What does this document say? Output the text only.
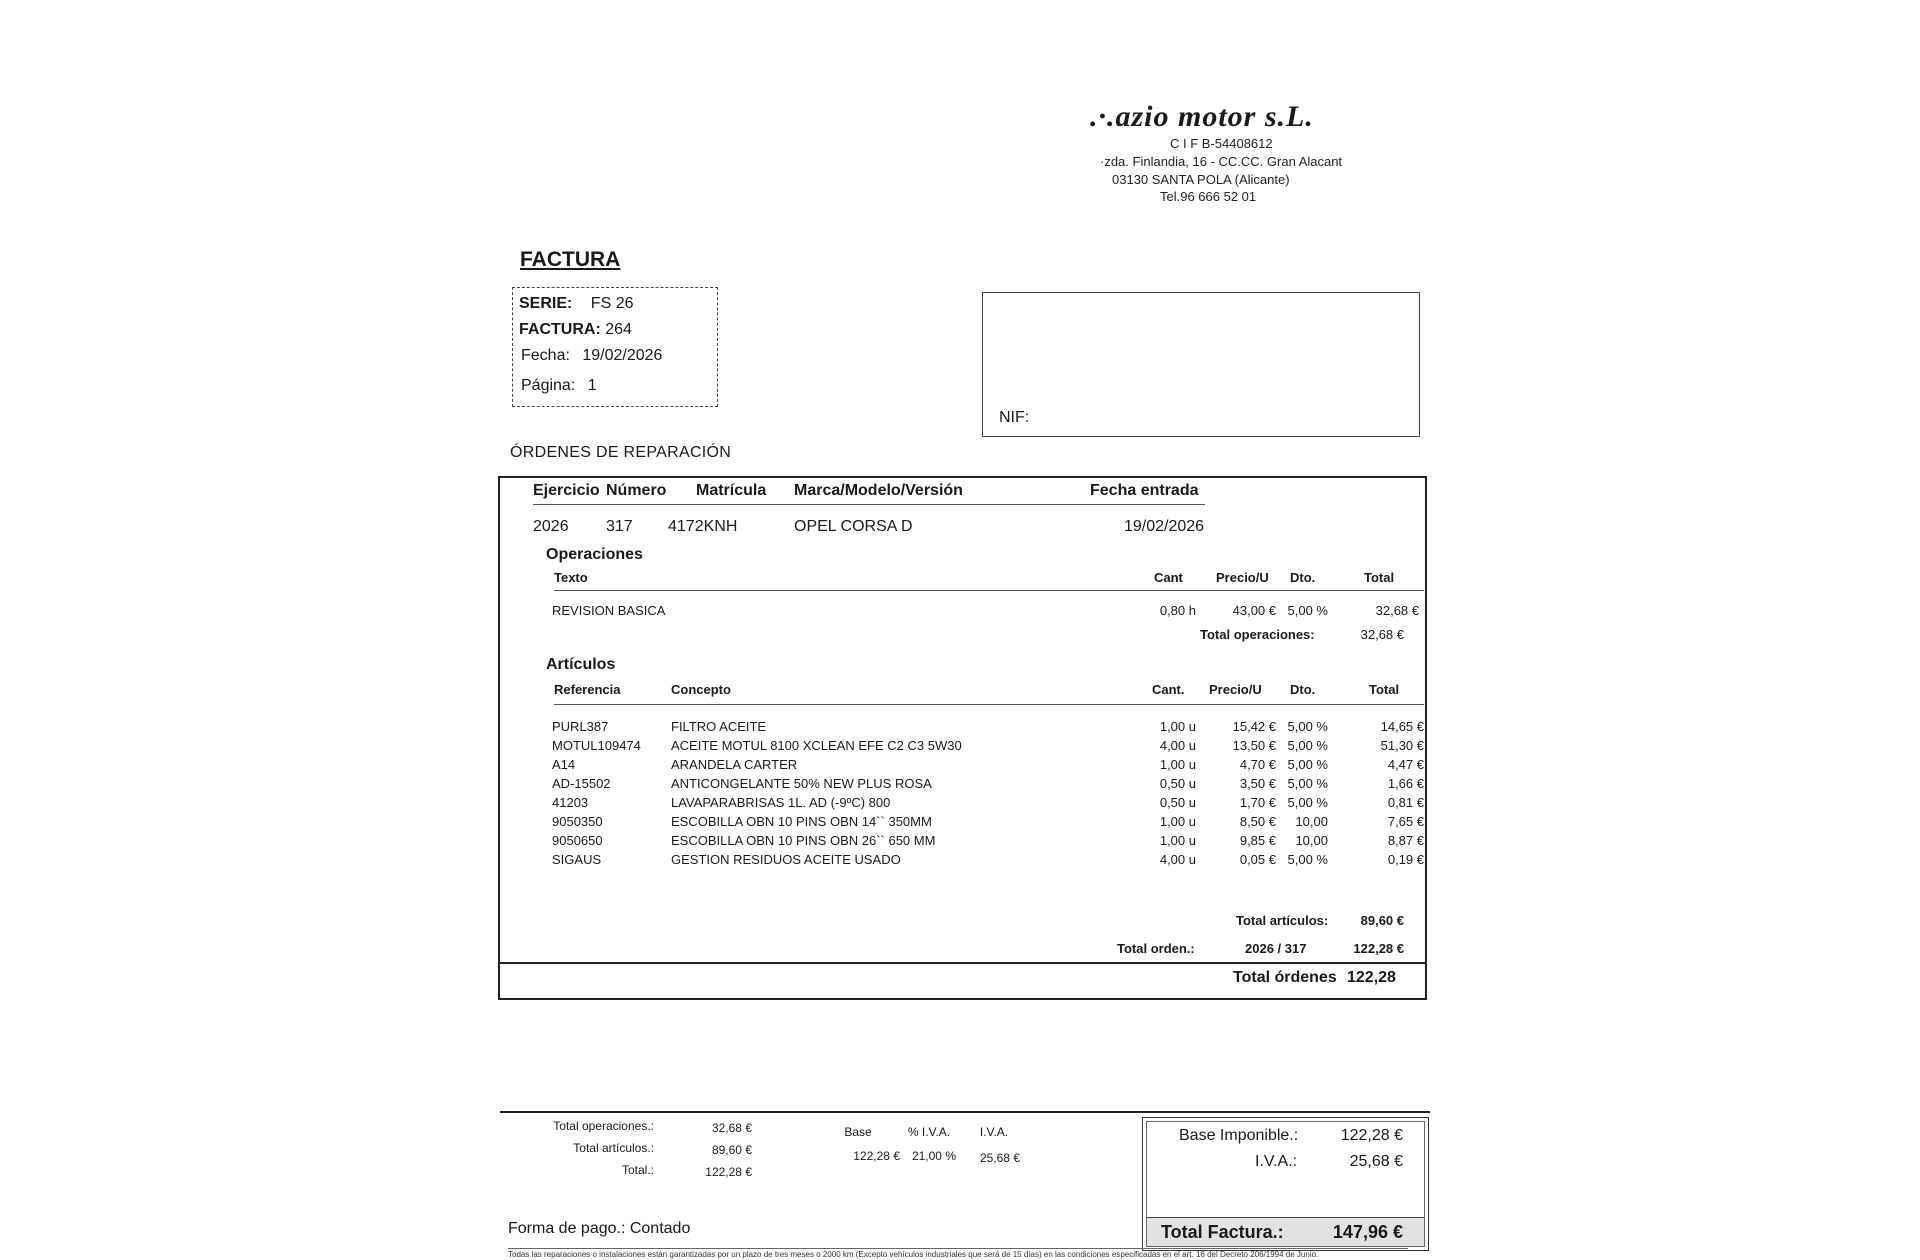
.·.azio motor s.L.
C I F B-54408612
·zda. Finlandia, 16 - CC.CC. Gran Alacant
03130 SANTA POLA (Alicante)
Tel.96 666 52 01
FACTURA
SERIE: FS 26
FACTURA: 264
Fecha: 19/02/2026
Página: 1
NIF:
ÓRDENES DE REPARACIÓN
Ejercicio Número Matrícula Marca/Modelo/Versión	Fecha entrada
2026 317 4172KNH	OPEL CORSA D	19/02/2026
Operaciones
Texto	Cant	Precio/U Dto.	Total
REVISION BASICA	0,80 h	43,00 € 5,00 %	32,68 €
Total operaciones:	32,68 €
Artículos
Referencia	Concepto	Cant. Precio/U Dto.	Total
PURL387	FILTRO ACEITE	1,00 u	15,42 € 5,00 %	14,65 €
MOTUL109474 ACEITE MOTUL 8100 XCLEAN EFE C2 C3 5W30	4,00 u	13,50 € 5,00 %	51,30 €
A14	ARANDELA CARTER	1,00 u	4,70 € 5,00 %	4,47 €
AD-15502	ANTICONGELANTE 50% NEW PLUS ROSA	0,50 u	3,50 € 5,00 %	1,66 €
41203	LAVAPARABRISAS 1L. AD (-9ºC) 800	0,50 u	1,70 € 5,00 %	0,81 €
9050350	ESCOBILLA OBN 10 PINS OBN 14`` 350MM	1,00 u	8,50 €	10,00	7,65 €
9050650	ESCOBILLA OBN 10 PINS OBN 26`` 650 MM	1,00 u	9,85 €	10,00	8,87 €
SIGAUS	GESTION RESIDUOS ACEITE USADO	4,00 u	0,05 € 5,00 %	0,19 €
Total artículos:	89,60 €
Total orden.:	2026 / 317	122,28 €
Total órdenes 122,28
Total operaciones.:	32,68 €
Total artículos.:	89,60 €
Total.:	122,28 €
Base	% I.V.A.	I.V.A.
122,28 € 21,00 %	25,68 €
Base Imponible.:	122,28 €
I.V.A.:	25,68 €
Total Factura.:	147,96 €
Forma de pago.: Contado
Todas las reparaciones o instalaciones están garantizadas por un plazo de tres meses o 2000 km (Excepto vehículos industriales que será de 15 días) en las condiciones especificadas en el art. 16 del Decreto 206/1994 de Junio.
